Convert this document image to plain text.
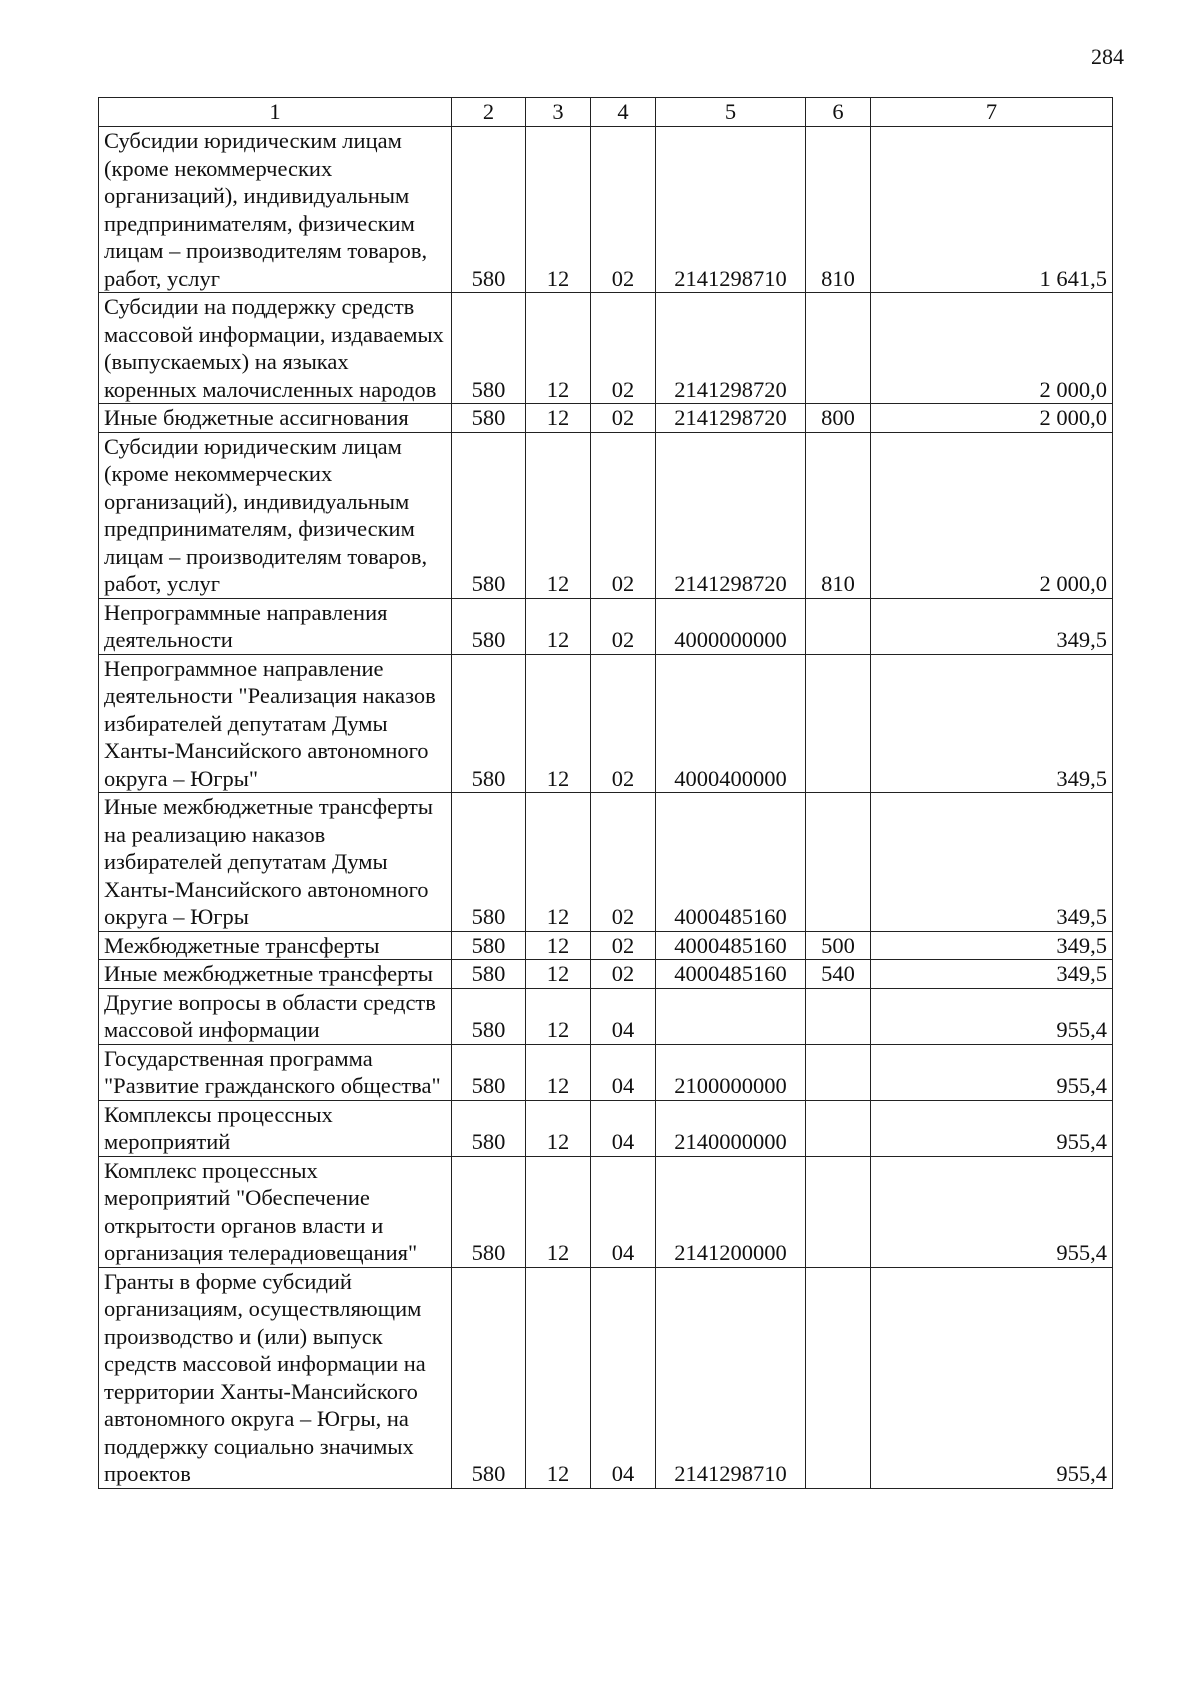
284
1	2	3	4	5	6	7
Субсидии юридическим лицам (кроме некоммерческих организаций), индивидуальным предпринимателям, физическим лицам – производителям товаров, работ, услуг	580	12	02	2141298710	810	1 641,5
Субсидии на поддержку средств массовой информации, издаваемых (выпускаемых) на языках коренных малочисленных народов	580	12	02	2141298720		2 000,0
Иные бюджетные ассигнования	580	12	02	2141298720	800	2 000,0
Субсидии юридическим лицам (кроме некоммерческих организаций), индивидуальным предпринимателям, физическим лицам – производителям товаров, работ, услуг	580	12	02	2141298720	810	2 000,0
Непрограммные направления деятельности	580	12	02	4000000000		349,5
Непрограммное направление деятельности "Реализация наказов избирателей депутатам Думы Ханты-Мансийского автономного округа – Югры"	580	12	02	4000400000		349,5
Иные межбюджетные трансферты на реализацию наказов избирателей депутатам Думы Ханты-Мансийского автономного округа – Югры	580	12	02	4000485160		349,5
Межбюджетные трансферты	580	12	02	4000485160	500	349,5
Иные межбюджетные трансферты	580	12	02	4000485160	540	349,5
Другие вопросы в области средств массовой информации	580	12	04			955,4
Государственная программа "Развитие гражданского общества"	580	12	04	2100000000		955,4
Комплексы процессных мероприятий	580	12	04	2140000000		955,4
Комплекс процессных мероприятий "Обеспечение открытости органов власти и организация телерадиовещания"	580	12	04	2141200000		955,4
Гранты в форме субсидий организациям, осуществляющим производство и (или) выпуск средств массовой информации на территории Ханты-Мансийского автономного округа – Югры, на поддержку социально значимых проектов	580	12	04	2141298710		955,4
